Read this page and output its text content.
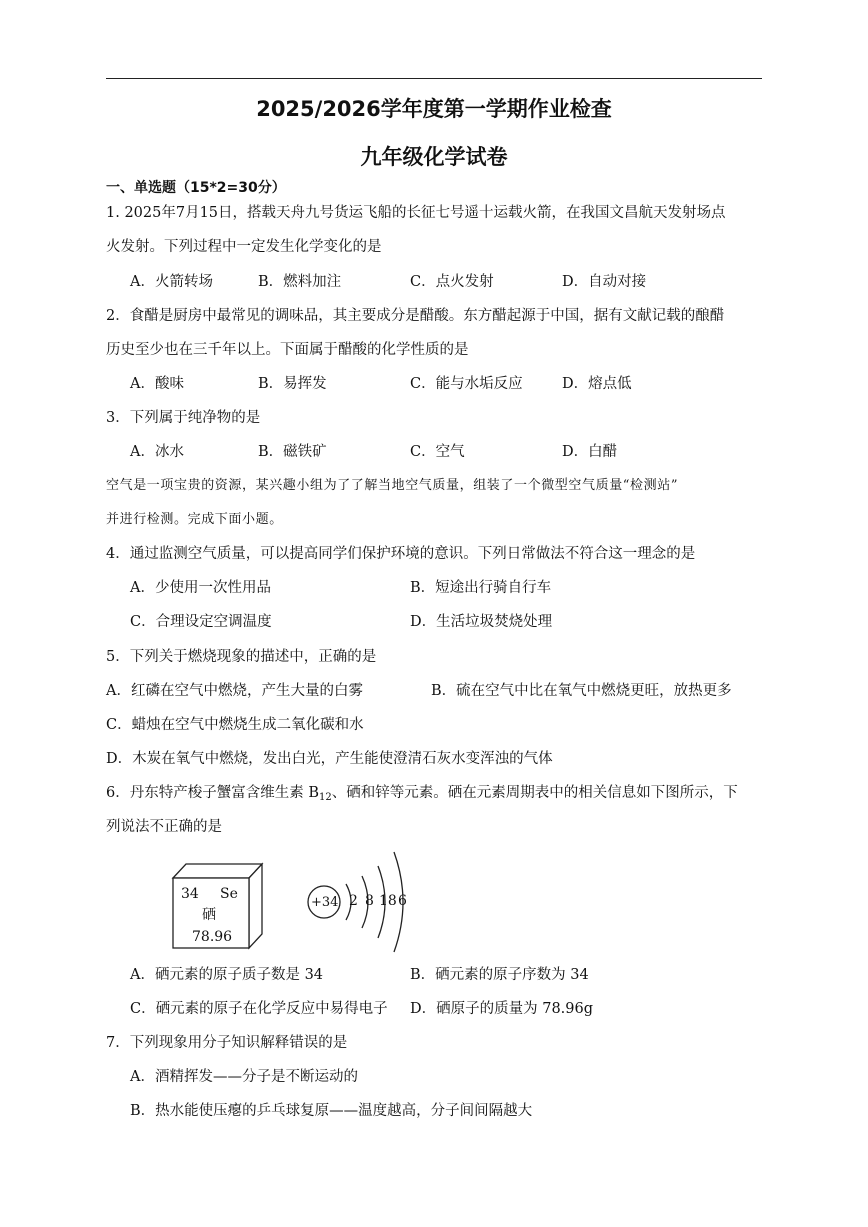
2025/2026学年度第一学期作业检查
九年级化学试卷
一、单选题（15*2=30分）
1. 2025年7月15日，搭载天舟九号货运飞船的长征七号遥十运载火箭，在我国文昌航天发射场点
火发射。下列过程中一定发生化学变化的是
A．火箭转场	B．燃料加注	C．点火发射	D．自动对接
2．食醋是厨房中最常见的调味品，其主要成分是醋酸。东方醋起源于中国，据有文献记载的酿醋
历史至少也在三千年以上。下面属于醋酸的化学性质的是
A．酸味	B．易挥发	C．能与水垢反应	D．熔点低
3．下列属于纯净物的是
A．冰水	B．磁铁矿	C．空气	D．白醋
空气是一项宝贵的资源，某兴趣小组为了了解当地空气质量，组装了一个微型空气质量“检测站”
并进行检测。完成下面小题。
4．通过监测空气质量，可以提高同学们保护环境的意识。下列日常做法不符合这一理念的是
A．少使用一次性用品	B．短途出行骑自行车
C．合理设定空调温度	D．生活垃圾焚烧处理
5．下列关于燃烧现象的描述中，正确的是
A．红磷在空气中燃烧，产生大量的白雾	B．硫在空气中比在氧气中燃烧更旺，放热更多
C．蜡烛在空气中燃烧生成二氧化碳和水
D．木炭在氧气中燃烧，发出白光，产生能使澄清石灰水变浑浊的气体
6．丹东特产梭子蟹富含维生素 $B_{12}$、硒和锌等元素。硒在元素周期表中的相关信息如下图所示，下
列说法不正确的是
34 Se
硒
78.96
+34 2 8 18 6
A．硒元素的原子质子数是 34	B．硒元素的原子序数为 34
C．硒元素的原子在化学反应中易得电子 D．硒原子的质量为 78.96g
7．下列现象用分子知识解释错误的是
A．酒精挥发——分子是不断运动的
B．热水能使压瘪的乒乓球复原——温度越高，分子间间隔越大
